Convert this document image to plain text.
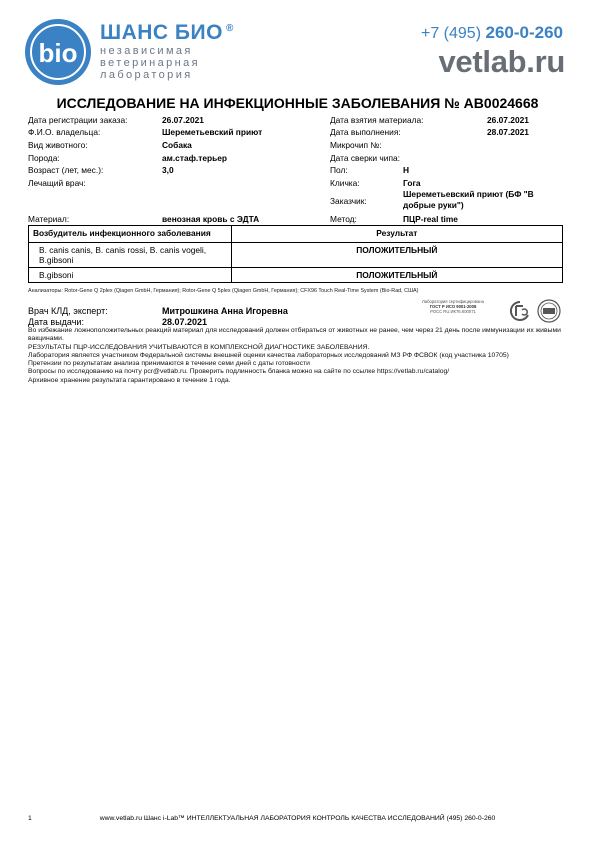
bio
ШАНС БИО ®
независимая
ветеринарная
лаборатория
+7 (495) 260-0-260
vetlab.ru
ИССЛЕДОВАНИЕ НА ИНФЕКЦИОННЫЕ ЗАБОЛЕВАНИЯ № АВ0024668
Дата регистрации заказа:	26.07.2021
Ф.И.О. владельца:	Шереметьевский приют
Вид животного:	Собака
Порода:	ам.стаф.терьер
Возраст (лет, мес.):	3,0
Лечащий врач:
Дата взятия материала:	26.07.2021
Дата выполнения:	28.07.2021
Микрочип №:
Дата сверки чипа:
Пол:	Н
Кличка:	Гога
Заказчик:
Шереметьевский приют (БФ "В
добрые руки")
Материал:	венозная кровь с ЭДТА	Метод:	ПЦР-real time
Возбудитель инфекционного заболевания	Результат

B. canis canis, B. canis rossi, B. canis vogeli,
B.gibsoni	ПОЛОЖИТЕЛЬНЫЙ

B.gibsoni	ПОЛОЖИТЕЛЬНЫЙ
Анализаторы: Rotor-Gene Q 2plex (Qiagen GmbH, Германия); Rotor-Gene Q 5plex (Qiagen GmbH, Германия); CFX96 Touch Real-Time System (Bio-Rad, США)
Лаборатория сертифицирована
ГОСТ Р ИСО 9001-2008
РОСС RU.ИК76.К00071
Врач КЛД, эксперт:	Митрошкина Анна Игоревна
Дата выдачи:	28.07.2021
Во избежание ложноположительных реакций материал для исследований должен отбираться от животных не ранее, чем через 21 день после иммунизации их живыми вакцинами.
РЕЗУЛЬТАТЫ ПЦР-ИССЛЕДОВАНИЯ УЧИТЫВАЮТСЯ В КОМПЛЕКСНОЙ ДИАГНОСТИКЕ ЗАБОЛЕВАНИЯ.
Лаборатория является участником Федеральной системы внешней оценки качества лабораторных исследований МЗ РФ ФСВОК (код участника 10705)
Претензии по результатам анализа принимаются в течение семи дней с даты готовности
Вопросы по исследованию на почту pcr@vetlab.ru. Проверить подлинность бланка можно на сайте по ссылке https://vetlab.ru/catalog/
Архивное хранение результата гарантировано в течение 1 года.
1	www.vetlab.ru Шанс i-Lab™ ИНТЕЛЛЕКТУАЛЬНАЯ ЛАБОРАТОРИЯ КОНТРОЛЬ КАЧЕСТВА ИССЛЕДОВАНИЙ (495) 260-0-260
